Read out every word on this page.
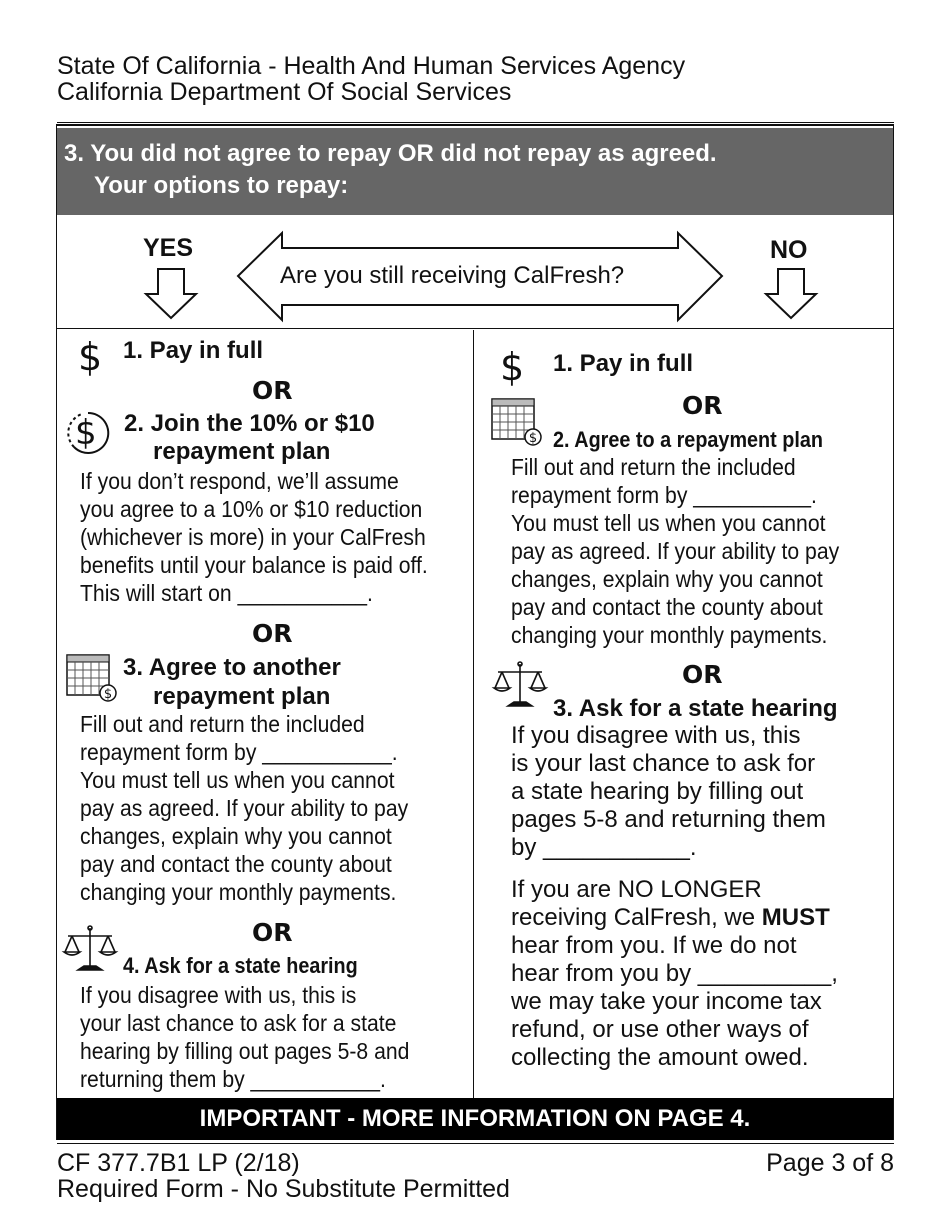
State Of California - Health And Human Services Agency
California Department Of Social Services
3. You did not agree to repay OR did not repay as agreed.
Your options to repay:
YES	NO
Are you still receiving CalFresh?
$ 1. Pay in full
OR
$ 2. Join the 10% or $10
repayment plan
If you don’t respond, we’ll assume
you agree to a 10% or $10 reduction
(whichever is more) in your CalFresh
benefits until your balance is paid off.
This will start on ___________.
OR
$
3. Agree to another
repayment plan
Fill out and return the included
repayment form by ___________.
You must tell us when you cannot
pay as agreed. If your ability to pay
changes, explain why you cannot
pay and contact the county about
changing your monthly payments.
OR
4. Ask for a state hearing
If you disagree with us, this is
your last chance to ask for a state
hearing by filling out pages 5-8 and
returning them by ___________.
$ 1. Pay in full
OR
$ 2. Agree to a repayment plan
Fill out and return the included
repayment form by __________.
You must tell us when you cannot
pay as agreed. If your ability to pay
changes, explain why you cannot
pay and contact the county about
changing your monthly payments.
OR
3. Ask for a state hearing
If you disagree with us, this
is your last chance to ask for
a state hearing by filling out
pages 5-8 and returning them
by ___________.
If you are NO LONGER
receiving CalFresh, we MUST
hear from you. If we do not
hear from you by __________,
we may take your income tax
refund, or use other ways of
collecting the amount owed.
IMPORTANT - MORE INFORMATION ON PAGE 4.
CF 377.7B1 LP (2/18)
Required Form - No Substitute Permitted
Page 3 of 8
